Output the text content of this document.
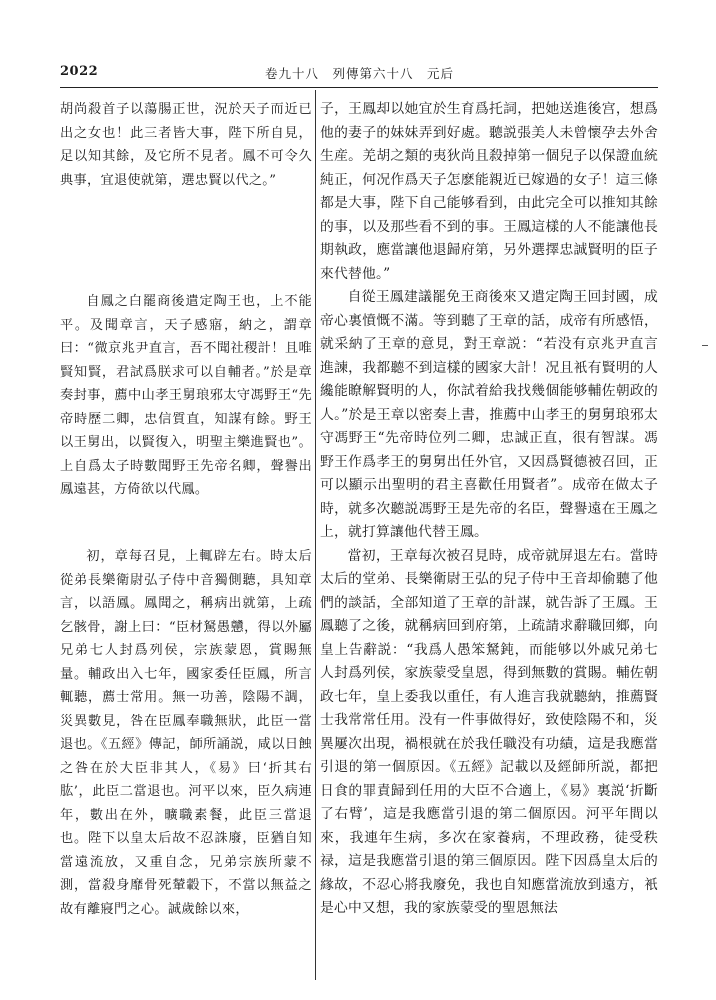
2022	卷九十八　列傳第六十八　元后

胡尚殺首子以蕩腸正世，況於天子而近已出之女也！此三者皆大事，陛下所自見，足以知其餘，及它所不見者。鳳不可令久典事，宜退使就第，選忠賢以代之。”

自鳳之白罷商後遣定陶王也，上不能平。及聞章言，天子感寤，納之，謂章曰：“微京兆尹直言，吾不聞社稷計！且唯賢知賢，君試爲朕求可以自輔者。”於是章奏封事，薦中山孝王舅琅邪太守馮野王“先帝時歷二卿，忠信質直，知謀有餘。野王以王舅出，以賢復入，明聖主樂進賢也”。上自爲太子時數聞野王先帝名卿，聲譽出鳳遠甚，方倚欲以代鳳。

初，章每召見，上輒辟左右。時太后從弟長樂衛尉弘子侍中音獨側聽，具知章言，以語鳳。鳳聞之，稱病出就第，上疏乞骸骨，謝上曰：“臣材駑愚戇，得以外屬兄弟七人封爲列侯，宗族蒙恩，賞賜無量。輔政出入七年，國家委任臣鳳，所言輒聽，薦士常用。無一功善，陰陽不調，災異數見，咎在臣鳳奉職無狀，此臣一當退也。《五經》傳記，師所誦説，咸以日蝕之咎在於大臣非其人，《易》曰‘折其右肱’，此臣二當退也。河平以來，臣久病連年，數出在外，曠職素餐，此臣三當退也。陛下以皇太后故不忍誅廢，臣猶自知當遠流放，又重自念，兄弟宗族所蒙不測，當殺身靡骨死輦轂下，不當以無益之故有離寢門之心。誠歲餘以來，

子，王鳳却以她宜於生育爲托詞，把她送進後宫，想爲他的妻子的妹妹弄到好處。聽説張美人未曾懷孕去外舍生産。羌胡之類的夷狄尚且殺掉第一個兒子以保證血統純正，何况作爲天子怎麽能親近已嫁過的女子！這三條都是大事，陛下自己能够看到，由此完全可以推知其餘的事，以及那些看不到的事。王鳳這樣的人不能讓他長期執政，應當讓他退歸府第，另外選擇忠誠賢明的臣子來代替他。”

自從王鳳建議罷免王商後來又遣定陶王回封國，成帝心裏憤慨不滿。等到聽了王章的話，成帝有所感悟，就采納了王章的意見，對王章説：“若没有京兆尹直言進諫，我都聽不到這樣的國家大計！况且衹有賢明的人纔能瞭解賢明的人，你試着給我找幾個能够輔佐朝政的人。”於是王章以密奏上書，推薦中山孝王的舅舅琅邪太守馮野王“先帝時位列二卿，忠誠正直，很有智謀。馮野王作爲孝王的舅舅出任外官，又因爲賢德被召回，正可以顯示出聖明的君主喜歡任用賢者”。成帝在做太子時，就多次聽説馮野王是先帝的名臣，聲譽遠在王鳳之上，就打算讓他代替王鳳。

當初，王章每次被召見時，成帝就屏退左右。當時太后的堂弟、長樂衛尉王弘的兒子侍中王音却偷聽了他們的談話，全部知道了王章的計謀，就告訴了王鳳。王鳳聽了之後，就稱病回到府第，上疏請求辭職回鄉，向皇上告辭説：“我爲人愚笨駑鈍，而能够以外戚兄弟七人封爲列侯，家族蒙受皇恩，得到無數的賞賜。輔佐朝政七年，皇上委我以重任，有人進言我就聽納，推薦賢士我常常任用。没有一件事做得好，致使陰陽不和，災異屢次出現，禍根就在於我任職没有功績，這是我應當引退的第一個原因。《五經》記載以及經師所説，都把日食的罪責歸到任用的大臣不合適上，《易》裏説‘折斷了右臂’，這是我應當引退的第二個原因。河平年間以來，我連年生病，多次在家養病，不理政務，徒受秩禄，這是我應當引退的第三個原因。陛下因爲皇太后的緣故，不忍心將我廢免，我也自知應當流放到遠方，衹是心中又想，我的家族蒙受的聖恩無法
